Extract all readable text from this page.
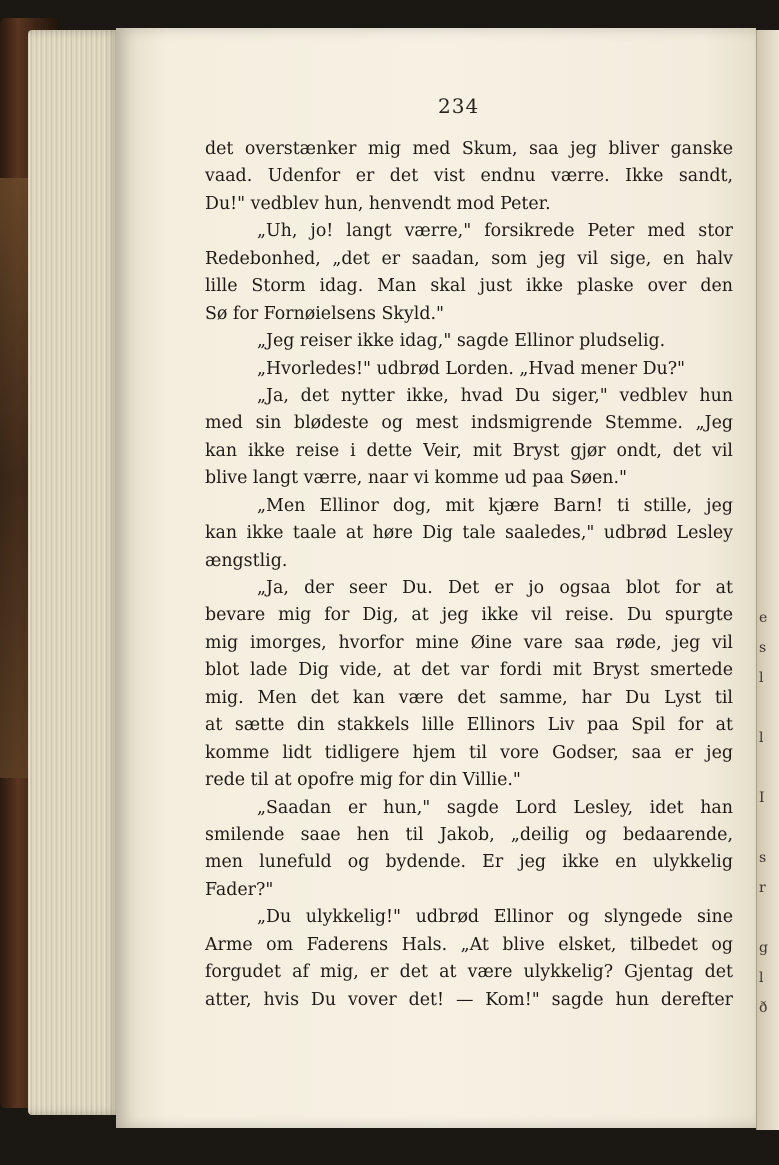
e
s
l
l
I
s
r
g
l
ð
234
det overstænker mig med Skum, saa jeg bliver ganske
vaad. Udenfor er det vist endnu værre. Ikke sandt,
Du!" vedblev hun, henvendt mod Peter.
„Uh, jo! langt værre," forsikrede Peter med stor
Redebonhed, „det er saadan, som jeg vil sige, en halv
lille Storm idag. Man skal just ikke plaske over den
Sø for Fornøielsens Skyld."
„Jeg reiser ikke idag," sagde Ellinor pludselig.
„Hvorledes!" udbrød Lorden. „Hvad mener Du?"
„Ja, det nytter ikke, hvad Du siger," vedblev hun
med sin blødeste og mest indsmigrende Stemme. „Jeg
kan ikke reise i dette Veir, mit Bryst gjør ondt, det vil
blive langt værre, naar vi komme ud paa Søen."
„Men Ellinor dog, mit kjære Barn! ti stille, jeg
kan ikke taale at høre Dig tale saaledes," udbrød Lesley
ængstlig.
„Ja, der seer Du. Det er jo ogsaa blot for at
bevare mig for Dig, at jeg ikke vil reise. Du spurgte
mig imorges, hvorfor mine Øine vare saa røde, jeg vil
blot lade Dig vide, at det var fordi mit Bryst smertede
mig. Men det kan være det samme, har Du Lyst til
at sætte din stakkels lille Ellinors Liv paa Spil for at
komme lidt tidligere hjem til vore Godser, saa er jeg
rede til at opofre mig for din Villie."
„Saadan er hun," sagde Lord Lesley, idet han
smilende saae hen til Jakob, „deilig og bedaarende,
men lunefuld og bydende. Er jeg ikke en ulykkelig
Fader?"
„Du ulykkelig!" udbrød Ellinor og slyngede sine
Arme om Faderens Hals. „At blive elsket, tilbedet og
forgudet af mig, er det at være ulykkelig? Gjentag det
atter, hvis Du vover det! — Kom!" sagde hun derefter
